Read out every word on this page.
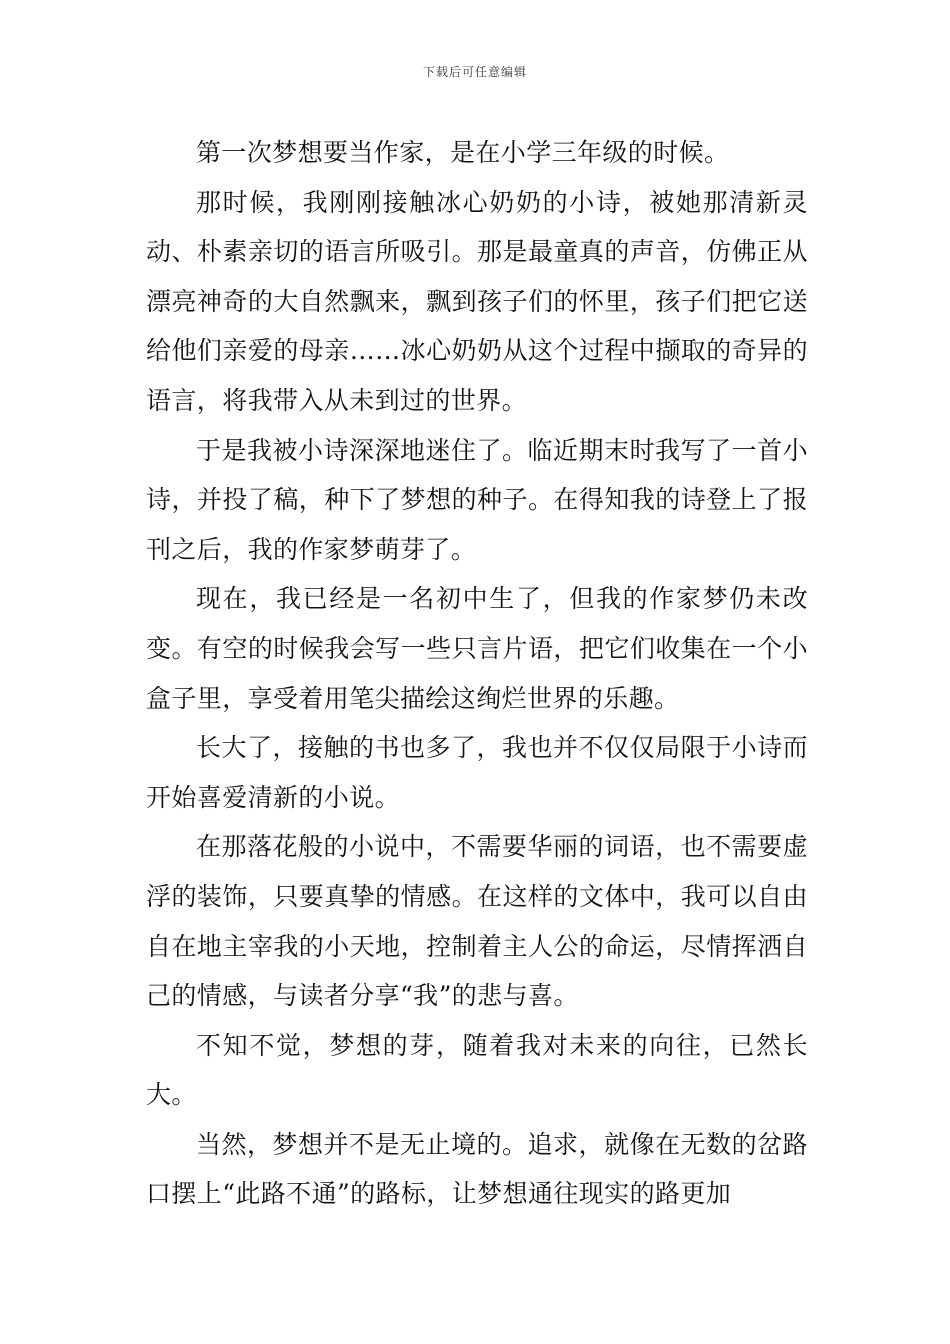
下载后可任意编辑

第一次梦想要当作家，是在小学三年级的时候。

那时候，我刚刚接触冰心奶奶的小诗，被她那清新灵动、朴素亲切的语言所吸引。那是最童真的声音，仿佛正从漂亮神奇的大自然飘来，飘到孩子们的怀里，孩子们把它送给他们亲爱的母亲……冰心奶奶从这个过程中撷取的奇异的语言，将我带入从未到过的世界。

于是我被小诗深深地迷住了。临近期末时我写了一首小诗，并投了稿，种下了梦想的种子。在得知我的诗登上了报刊之后，我的作家梦萌芽了。

现在，我已经是一名初中生了，但我的作家梦仍未改变。有空的时候我会写一些只言片语，把它们收集在一个小盒子里，享受着用笔尖描绘这绚烂世界的乐趣。

长大了，接触的书也多了，我也并不仅仅局限于小诗而开始喜爱清新的小说。

在那落花般的小说中，不需要华丽的词语，也不需要虚浮的装饰，只要真挚的情感。在这样的文体中，我可以自由自在地主宰我的小天地，控制着主人公的命运，尽情挥洒自己的情感，与读者分享“我”的悲与喜。

不知不觉，梦想的芽，随着我对未来的向往，已然长大。

当然，梦想并不是无止境的。追求，就像在无数的岔路口摆上“此路不通”的路标，让梦想通往现实的路更加
